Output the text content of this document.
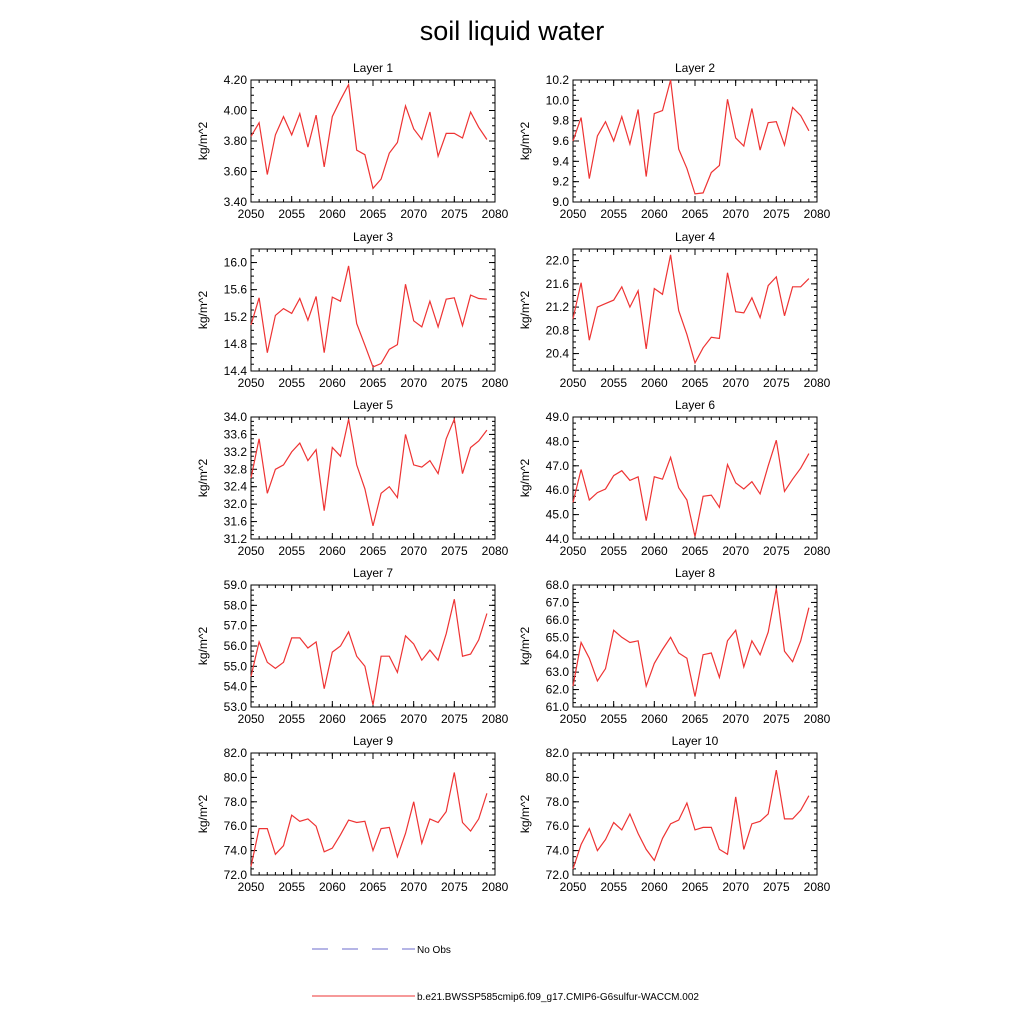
soil liquid water
Layer 1
2050 2055 2060 2065 2070 2075 2080
3.40
3.60
3.80
4.00
4.20
kg/m^2
Layer 2
2050 2055 2060 2065 2070 2075 2080
9.0
9.2
9.4
9.6
9.8
10.0
10.2
kg/m^2
Layer 3
2050 2055 2060 2065 2070 2075 2080
14.4
14.8
15.2
15.6
16.0
kg/m^2
Layer 4
2050 2055 2060 2065 2070 2075 2080
20.4
20.8
21.2
21.6
22.0
kg/m^2
Layer 5
2050 2055 2060 2065 2070 2075 2080
31.2
31.6
32.0
32.4
32.8
33.2
33.6
34.0
kg/m^2
Layer 6
2050 2055 2060 2065 2070 2075 2080
44.0
45.0
46.0
47.0
48.0
49.0
kg/m^2
Layer 7
2050 2055 2060 2065 2070 2075 2080
53.0
54.0
55.0
56.0
57.0
58.0
59.0
kg/m^2
Layer 8
2050 2055 2060 2065 2070 2075 2080
61.0
62.0
63.0
64.0
65.0
66.0
67.0
68.0
kg/m^2
Layer 9
2050 2055 2060 2065 2070 2075 2080
72.0
74.0
76.0
78.0
80.0
82.0
kg/m^2
Layer 10
2050 2055 2060 2065 2070 2075 2080
72.0
74.0
76.0
78.0
80.0
82.0
kg/m^2
No Obs
b.e21.BWSSP585cmip6.f09_g17.CMIP6-G6sulfur-WACCM.002
